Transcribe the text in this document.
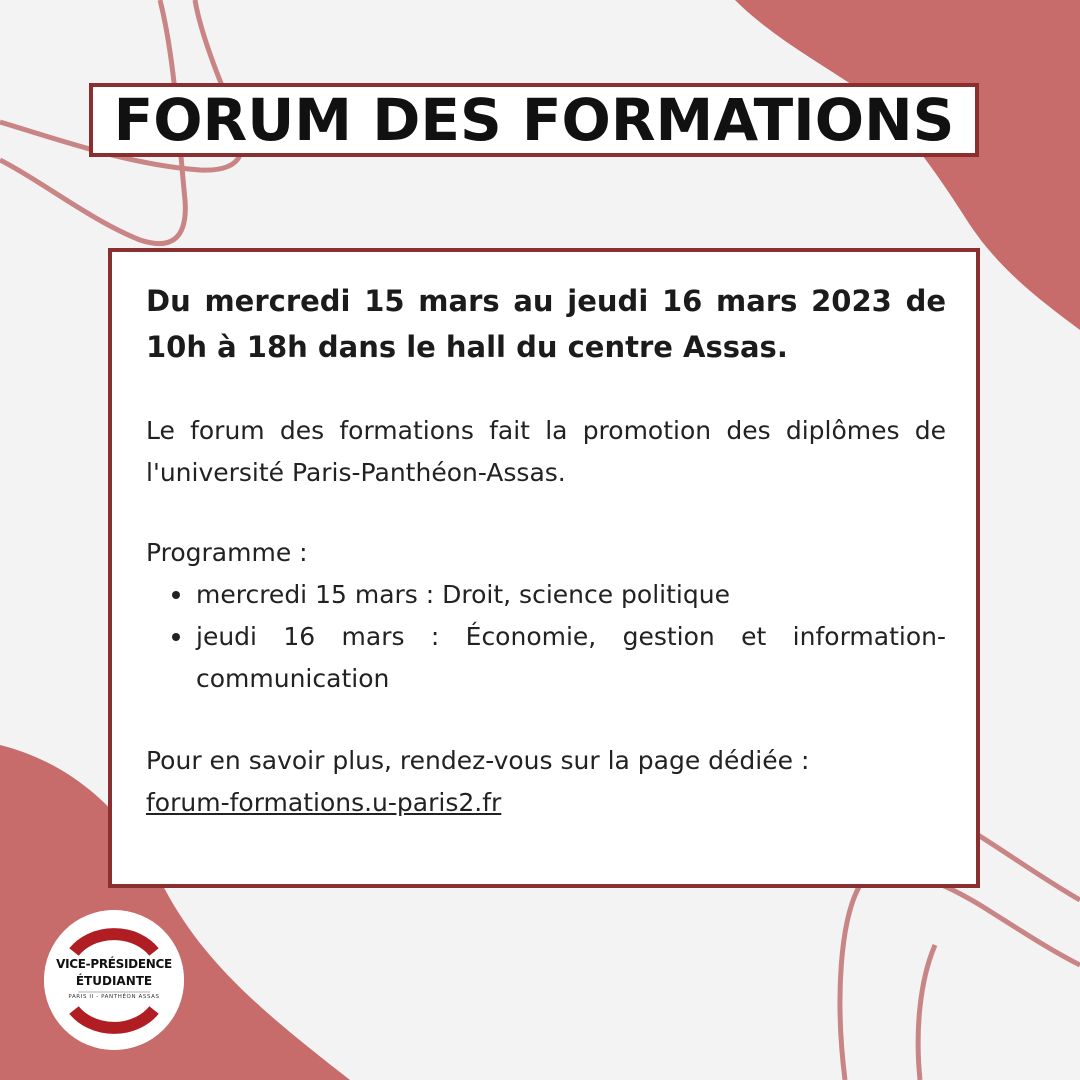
FORUM DES FORMATIONS

Du mercredi 15 mars au jeudi 16 mars 2023 de 10h à 18h dans le hall du centre Assas.

Le forum des formations fait la promotion des diplômes de l'université Paris-Panthéon-Assas.

Programme :

mercredi 15 mars : Droit, science politique
jeudi 16 mars : Économie, gestion et information-communication

Pour en savoir plus, rendez-vous sur la page dédiée :
forum-formations.u-paris2.fr

VICE-PRÉSIDENCE
ÉTUDIANTE
PARIS II - PANTHÉON ASSAS
